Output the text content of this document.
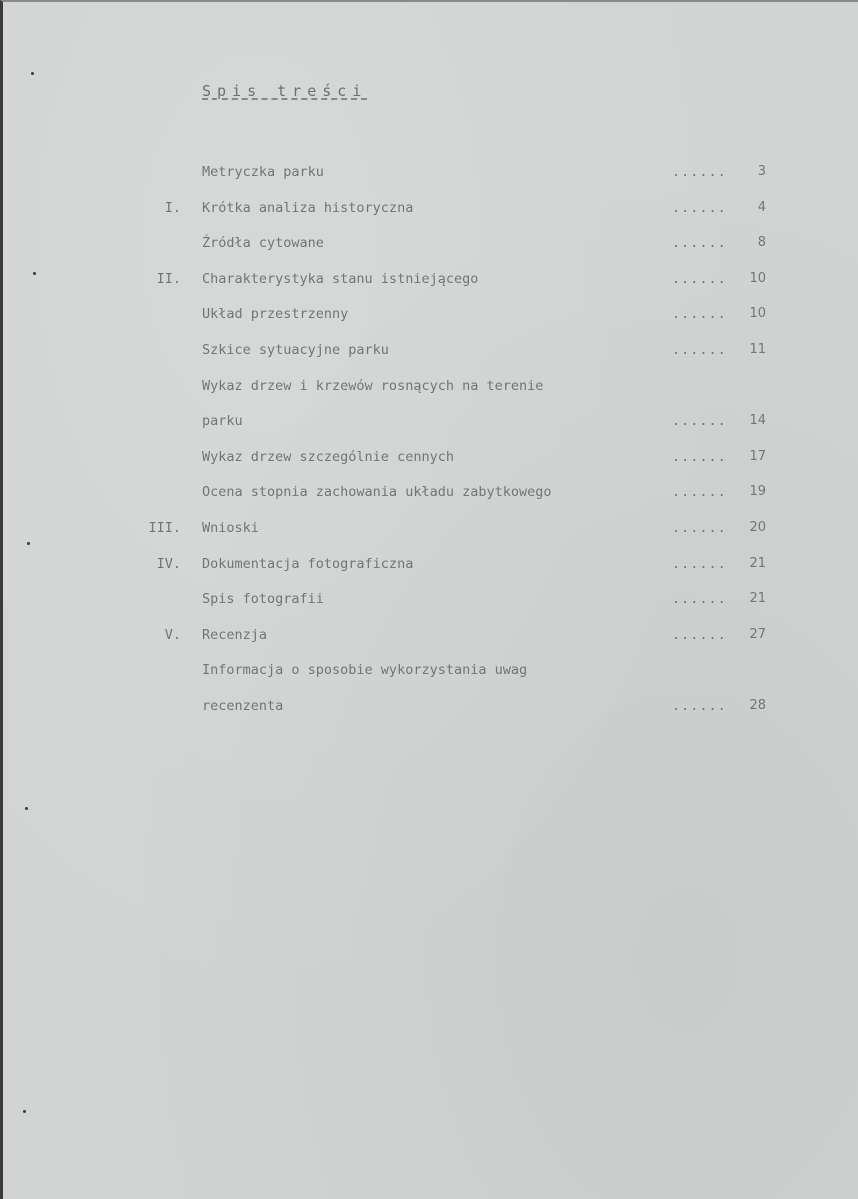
Spis treści
Metryczka parku	...... 3
I. Krótka analiza historyczna	...... 4
Źródła cytowane	...... 8
II. Charakterystyka stanu istniejącego	...... 10
Układ przestrzenny	...... 10
Szkice sytuacyjne parku	...... 11
Wykaz drzew i krzewów rosnących na terenie
parku	...... 14
Wykaz drzew szczególnie cennych	...... 17
Ocena stopnia zachowania układu zabytkowego	...... 19
III. Wnioski	...... 20
IV. Dokumentacja fotograficzna	...... 21
Spis fotografii	...... 21
V. Recenzja	...... 27
Informacja o sposobie wykorzystania uwag
recenzenta	...... 28
